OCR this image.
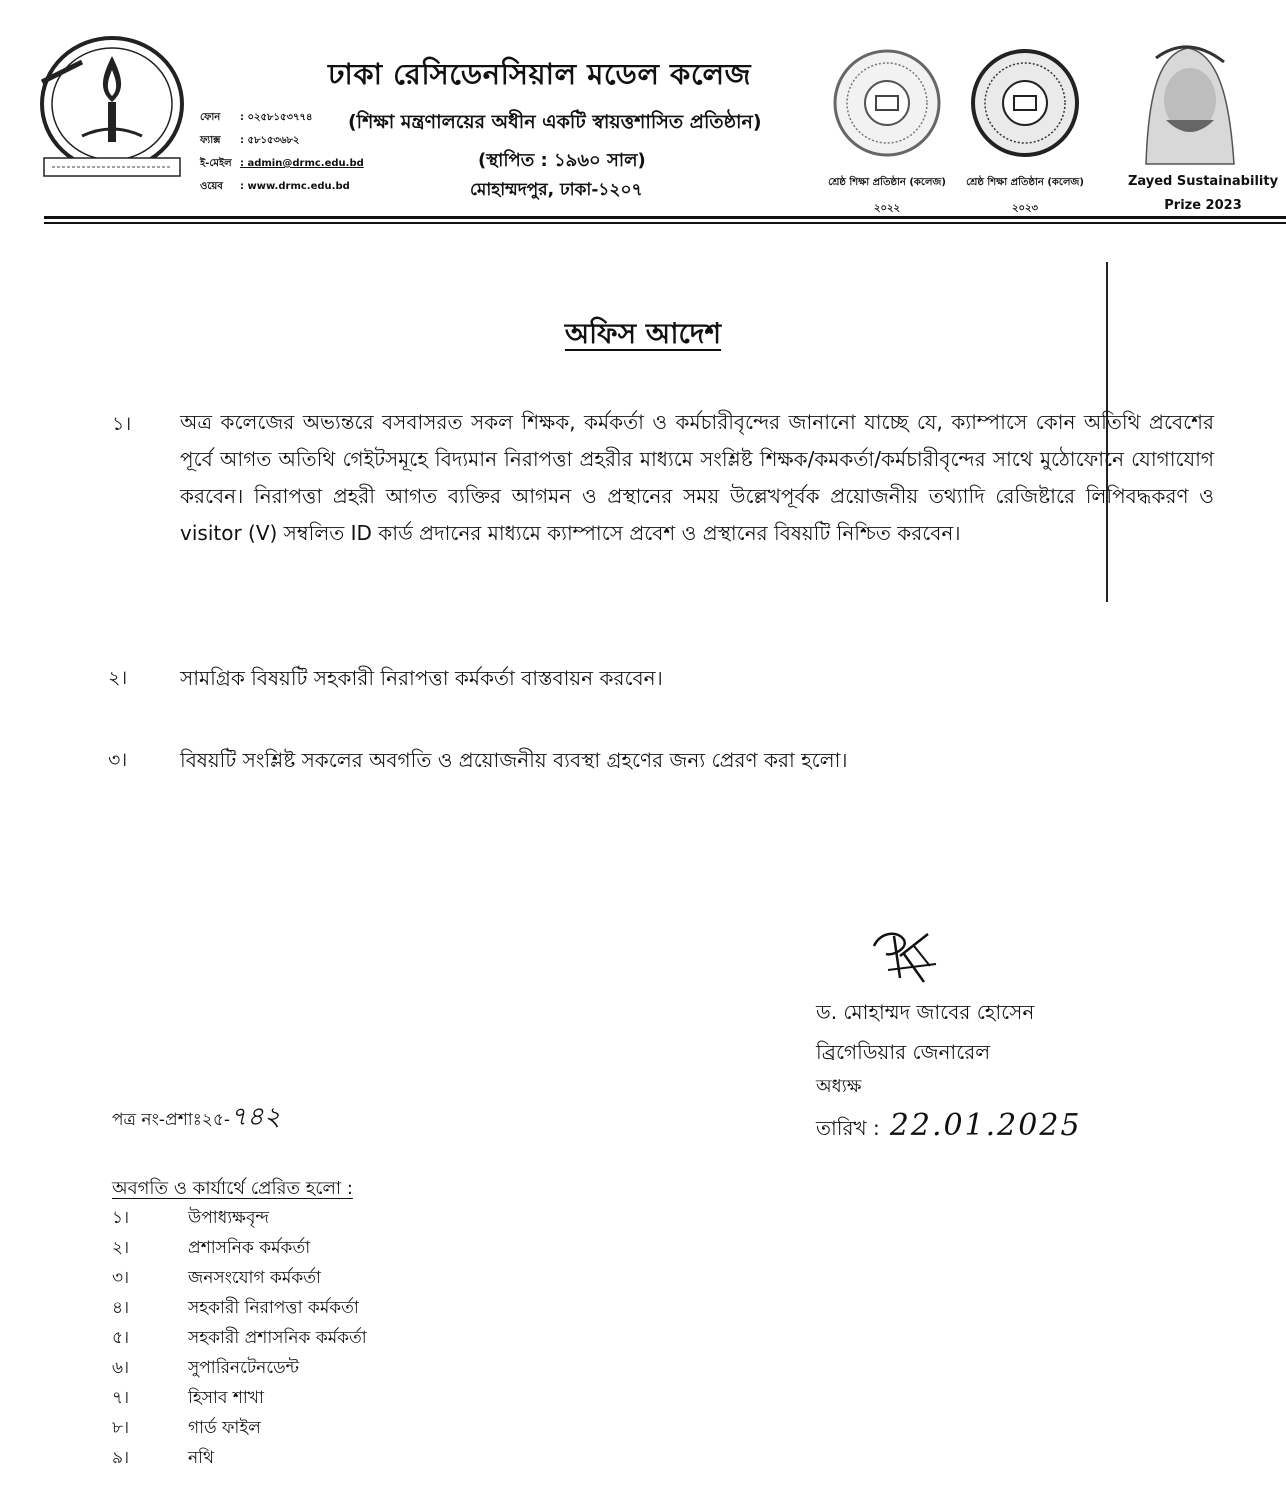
ঢাকা রেসিডেনসিয়াল মডেল কলেজ
(শিক্ষা মন্ত্রণালয়ের অধীন একটি স্বায়ত্তশাসিত প্রতিষ্ঠান)
(স্থাপিত : ১৯৬০ সাল)
মোহাম্মদপুর, ঢাকা-১২০৭
ফোন	: ০২৫৮১৫৩৭৭৪
ফ্যাক্স	: ৫৮১৫৩৬৮২
ই-মেইল : admin@drmc.edu.bd
ওয়েব	: www.drmc.edu.bd	শ্রেষ্ঠ শিক্ষা প্রতিষ্ঠান (কলেজ)
২০২২
শ্রেষ্ঠ শিক্ষা প্রতিষ্ঠান (কলেজ)
২০২৩
Zayed Sustainability
Prize 2023
অফিস আদেশ
১। অত্র কলেজের অভ্যন্তরে বসবাসরত সকল শিক্ষক, কর্মকর্তা ও কর্মচারীবৃন্দের জানানো যাচ্ছে যে, ক্যাম্পাসে কোন অতিথি প্রবেশের পূর্বে আগত অতিথি গেইটসমূহে বিদ্যমান নিরাপত্তা প্রহরীর মাধ্যমে সংশ্লিষ্ট শিক্ষক/কমকর্তা/কর্মচারীবৃন্দের সাথে মুঠোফোনে যোগাযোগ করবেন। নিরাপত্তা প্রহরী আগত ব্যক্তির আগমন ও প্রস্থানের সময় উল্লেখপূর্বক প্রয়োজনীয় তথ্যাদি রেজিষ্টারে লিপিবদ্ধকরণ ও visitor (V) সম্বলিত ID কার্ড প্রদানের মাধ্যমে ক্যাম্পাসে প্রবেশ ও প্রস্থানের বিষয়টি নিশ্চিত করবেন।
২।	সামগ্রিক বিষয়টি সহকারী নিরাপত্তা কর্মকর্তা বাস্তবায়ন করবেন।
৩।	বিষয়টি সংশ্লিষ্ট সকলের অবগতি ও প্রয়োজনীয় ব্যবস্থা গ্রহণের জন্য প্রেরণ করা হলো।
ড. মোহাম্মদ জাবের হোসেন
ব্রিগেডিয়ার জেনারেল
অধ্যক্ষ
তারিখ : 22.01.2025
পত্র নং-প্রশাঃ২৫-৭৪২
অবগতি ও কার্যার্থে প্রেরিত হলো :
১।	উপাধ্যক্ষবৃন্দ
২।	প্রশাসনিক কর্মকর্তা
৩।	জনসংযোগ কর্মকর্তা
৪।	সহকারী নিরাপত্তা কর্মকর্তা
৫।	সহকারী প্রশাসনিক কর্মকর্তা
৬।	সুপারিনটেনডেন্ট
৭।	হিসাব শাখা
৮।	গার্ড ফাইল
৯।	নথি
